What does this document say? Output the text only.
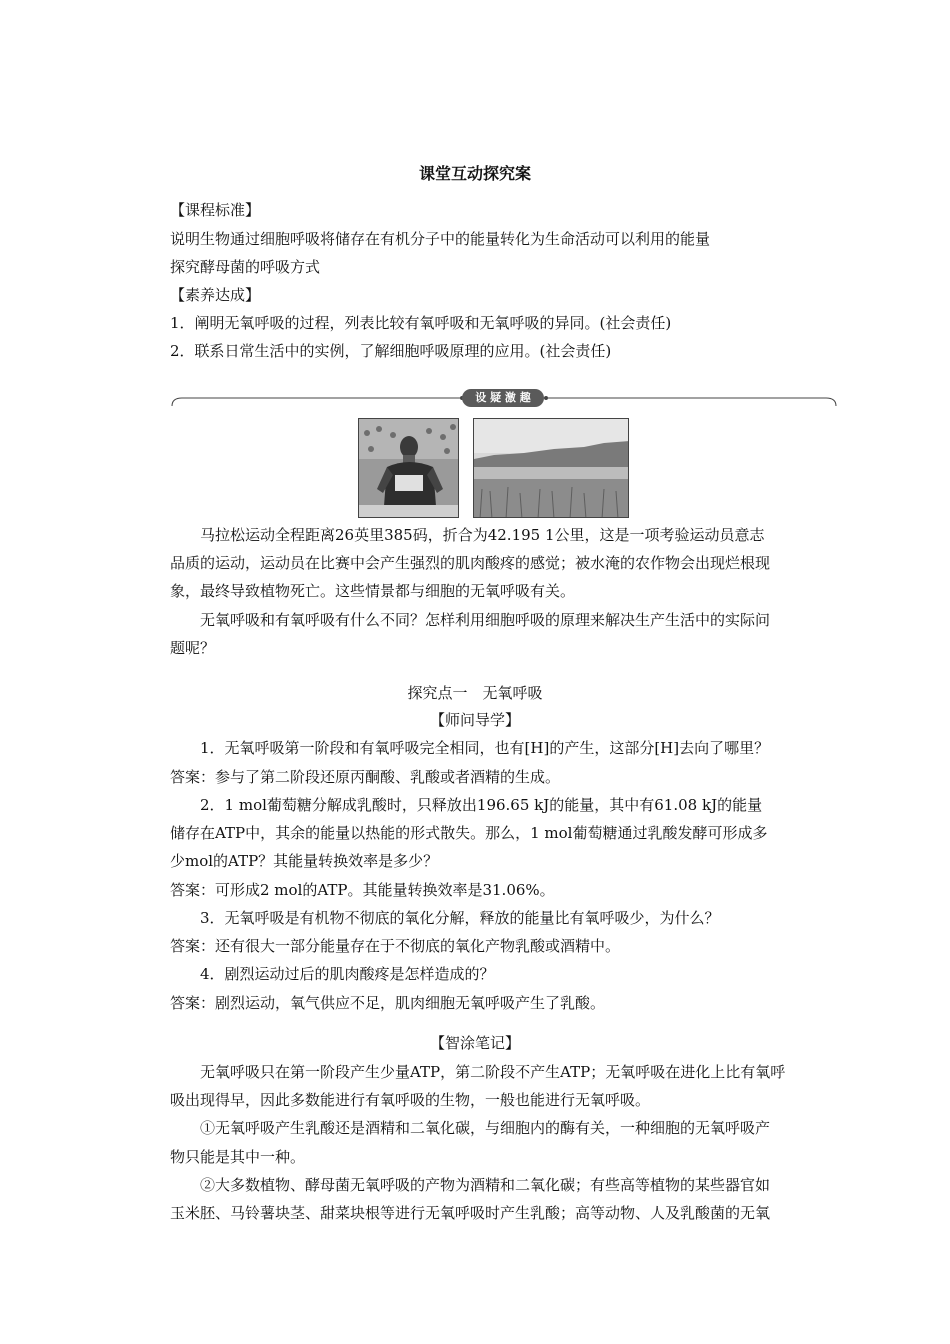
课堂互动探究案
【课程标准】
说明生物通过细胞呼吸将储存在有机分子中的能量转化为生命活动可以利用的能量
探究酵母菌的呼吸方式
【素养达成】
1．阐明无氧呼吸的过程，列表比较有氧呼吸和无氧呼吸的异同。(社会责任)
2．联系日常生活中的实例，了解细胞呼吸原理的应用。(社会责任)
设 疑 激 趣
马拉松运动全程距离26英里385码，折合为42.195 1公里，这是一项考验运动员意志
品质的运动，运动员在比赛中会产生强烈的肌肉酸疼的感觉；被水淹的农作物会出现烂根现
象，最终导致植物死亡。这些情景都与细胞的无氧呼吸有关。
无氧呼吸和有氧呼吸有什么不同？怎样利用细胞呼吸的原理来解决生产生活中的实际问
题呢？
探究点一　无氧呼吸
【师问导学】
1．无氧呼吸第一阶段和有氧呼吸完全相同，也有[H]的产生，这部分[H]去向了哪里？
答案：参与了第二阶段还原丙酮酸、乳酸或者酒精的生成。
2．1 mol葡萄糖分解成乳酸时，只释放出196.65 kJ的能量，其中有61.08 kJ的能量
储存在ATP中，其余的能量以热能的形式散失。那么，1 mol葡萄糖通过乳酸发酵可形成多
少mol的ATP？其能量转换效率是多少？
答案：可形成2 mol的ATP。其能量转换效率是31.06%。
3．无氧呼吸是有机物不彻底的氧化分解，释放的能量比有氧呼吸少，为什么？
答案：还有很大一部分能量存在于不彻底的氧化产物乳酸或酒精中。
4．剧烈运动过后的肌肉酸疼是怎样造成的？
答案：剧烈运动，氧气供应不足，肌肉细胞无氧呼吸产生了乳酸。
【智涂笔记】
无氧呼吸只在第一阶段产生少量ATP，第二阶段不产生ATP；无氧呼吸在进化上比有氧呼
吸出现得早，因此多数能进行有氧呼吸的生物，一般也能进行无氧呼吸。
①无氧呼吸产生乳酸还是酒精和二氧化碳，与细胞内的酶有关，一种细胞的无氧呼吸产
物只能是其中一种。
②大多数植物、酵母菌无氧呼吸的产物为酒精和二氧化碳；有些高等植物的某些器官如
玉米胚、马铃薯块茎、甜菜块根等进行无氧呼吸时产生乳酸；高等动物、人及乳酸菌的无氧
